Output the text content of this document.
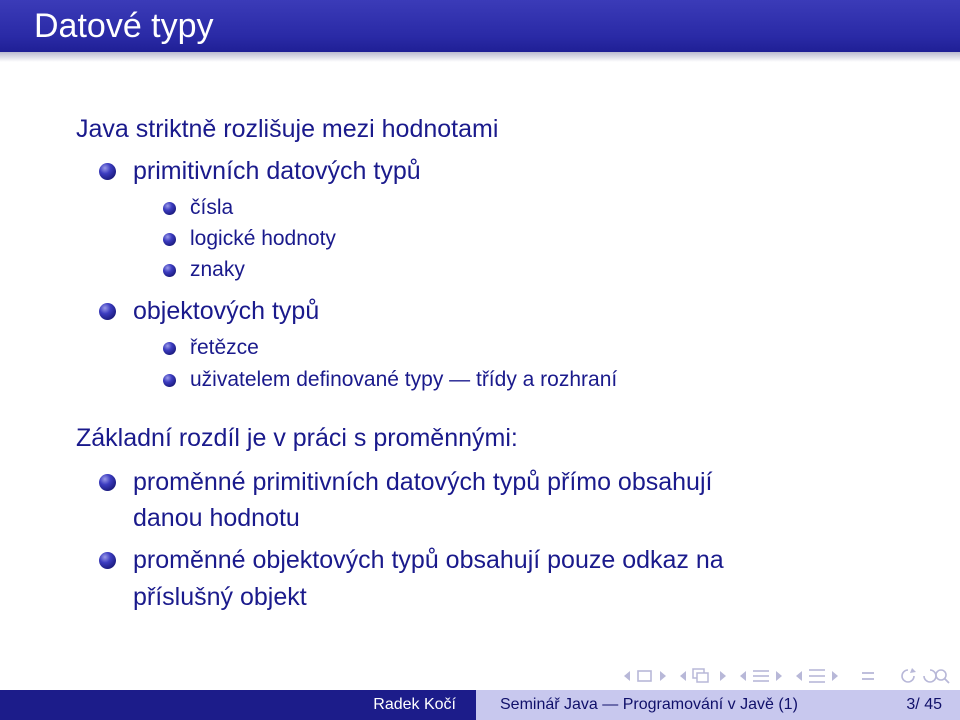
Datové typy
Java striktně rozlišuje mezi hodnotami
primitivních datových typů
čísla
logické hodnoty
znaky
objektových typů
řetězce
uživatelem definované typy — třídy a rozhraní
Základní rozdíl je v práci s proměnnými:
proměnné primitivních datových typů přímo obsahují
danou hodnotu
proměnné objektových typů obsahují pouze odkaz na
příslušný objekt
Radek Kočí	Seminář Java — Programování v Javě (1)	3/ 45
